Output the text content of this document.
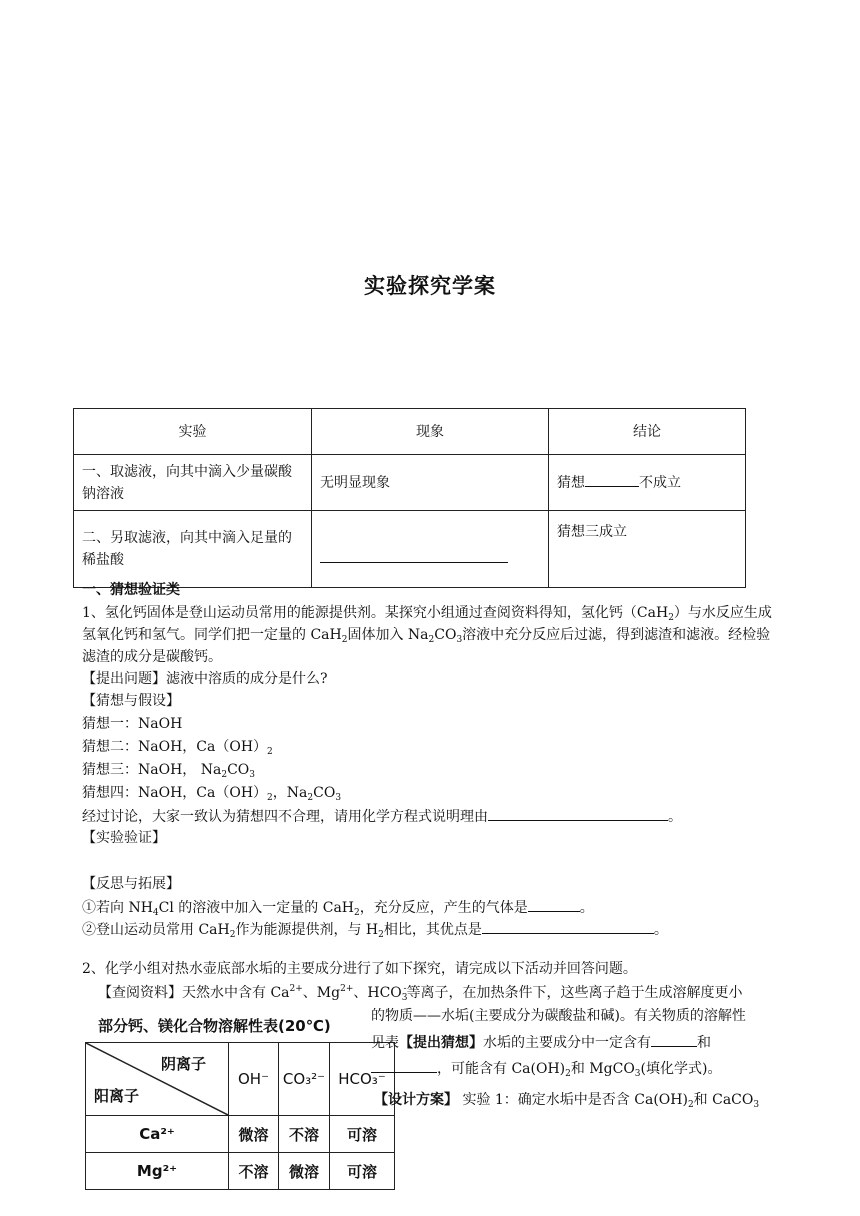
实验探究学案
实验	现象	结论
一、取滤液，向其中滴入少量碳酸钠溶液	无明显现象	猜想 不成立
二、另取滤液，向其中滴入足量的稀盐酸		猜想三成立
一、猜想验证类
1、氢化钙固体是登山运动员常用的能源提供剂。某探究小组通过查阅资料得知，氢化钙（CaH$_2$）与水反应生成氢氧化钙和氢气。同学们把一定量的 CaH$_2$固体加入 $Na_2CO_3$溶液中充分反应后过滤，得到滤渣和滤液。经检验滤渣的成分是碳酸钙。
【提出问题】滤液中溶质的成分是什么?
【猜想与假设】
猜想一：NaOH
猜想二：NaOH，$Ca(OH)_2$
猜想三：NaOH， $Na_2CO_3$
猜想四：NaOH，$Ca(OH)_2$，$Na_2CO_3$
经过讨论，大家一致认为猜想四不合理，请用化学方程式说明理由	。
【实验验证】
【反思与拓展】
①若向 $NH_4Cl$ 的溶液中加入一定量的 CaH$_2$，充分反应，产生的气体是	。
②登山运动员常用 CaH$_2$作为能源提供剂，与 $H_2$相比，其优点是	。
2、化学小组对热水壶底部水垢的主要成分进行了如下探究，请完成以下活动并回答问题。
【查阅资料】天然水中含有 $Ca^{2+}$、$Mg^{2+}$、$HCO_3^-$等离子，在加热条件下，这些离子趋于生成溶解度更小
部分钙、镁化合物溶解性表(20℃)
阴离子
阳离子	OH⁻	CO₃²⁻	HCO₃⁻
Ca²⁺	微溶	不溶	可溶
Mg²⁺	不溶	微溶	可溶
的物质——水垢(主要成分为碳酸盐和碱)。有关物质的溶解性
见表【提出猜想】水垢的主要成分中一定含有	和
，可能含有 $Ca(OH)_2$和 MgCO$_3$(填化学式)。
【设计方案】 实验 1：确定水垢中是否含 $Ca(OH)_2$和 CaCO$_3$
